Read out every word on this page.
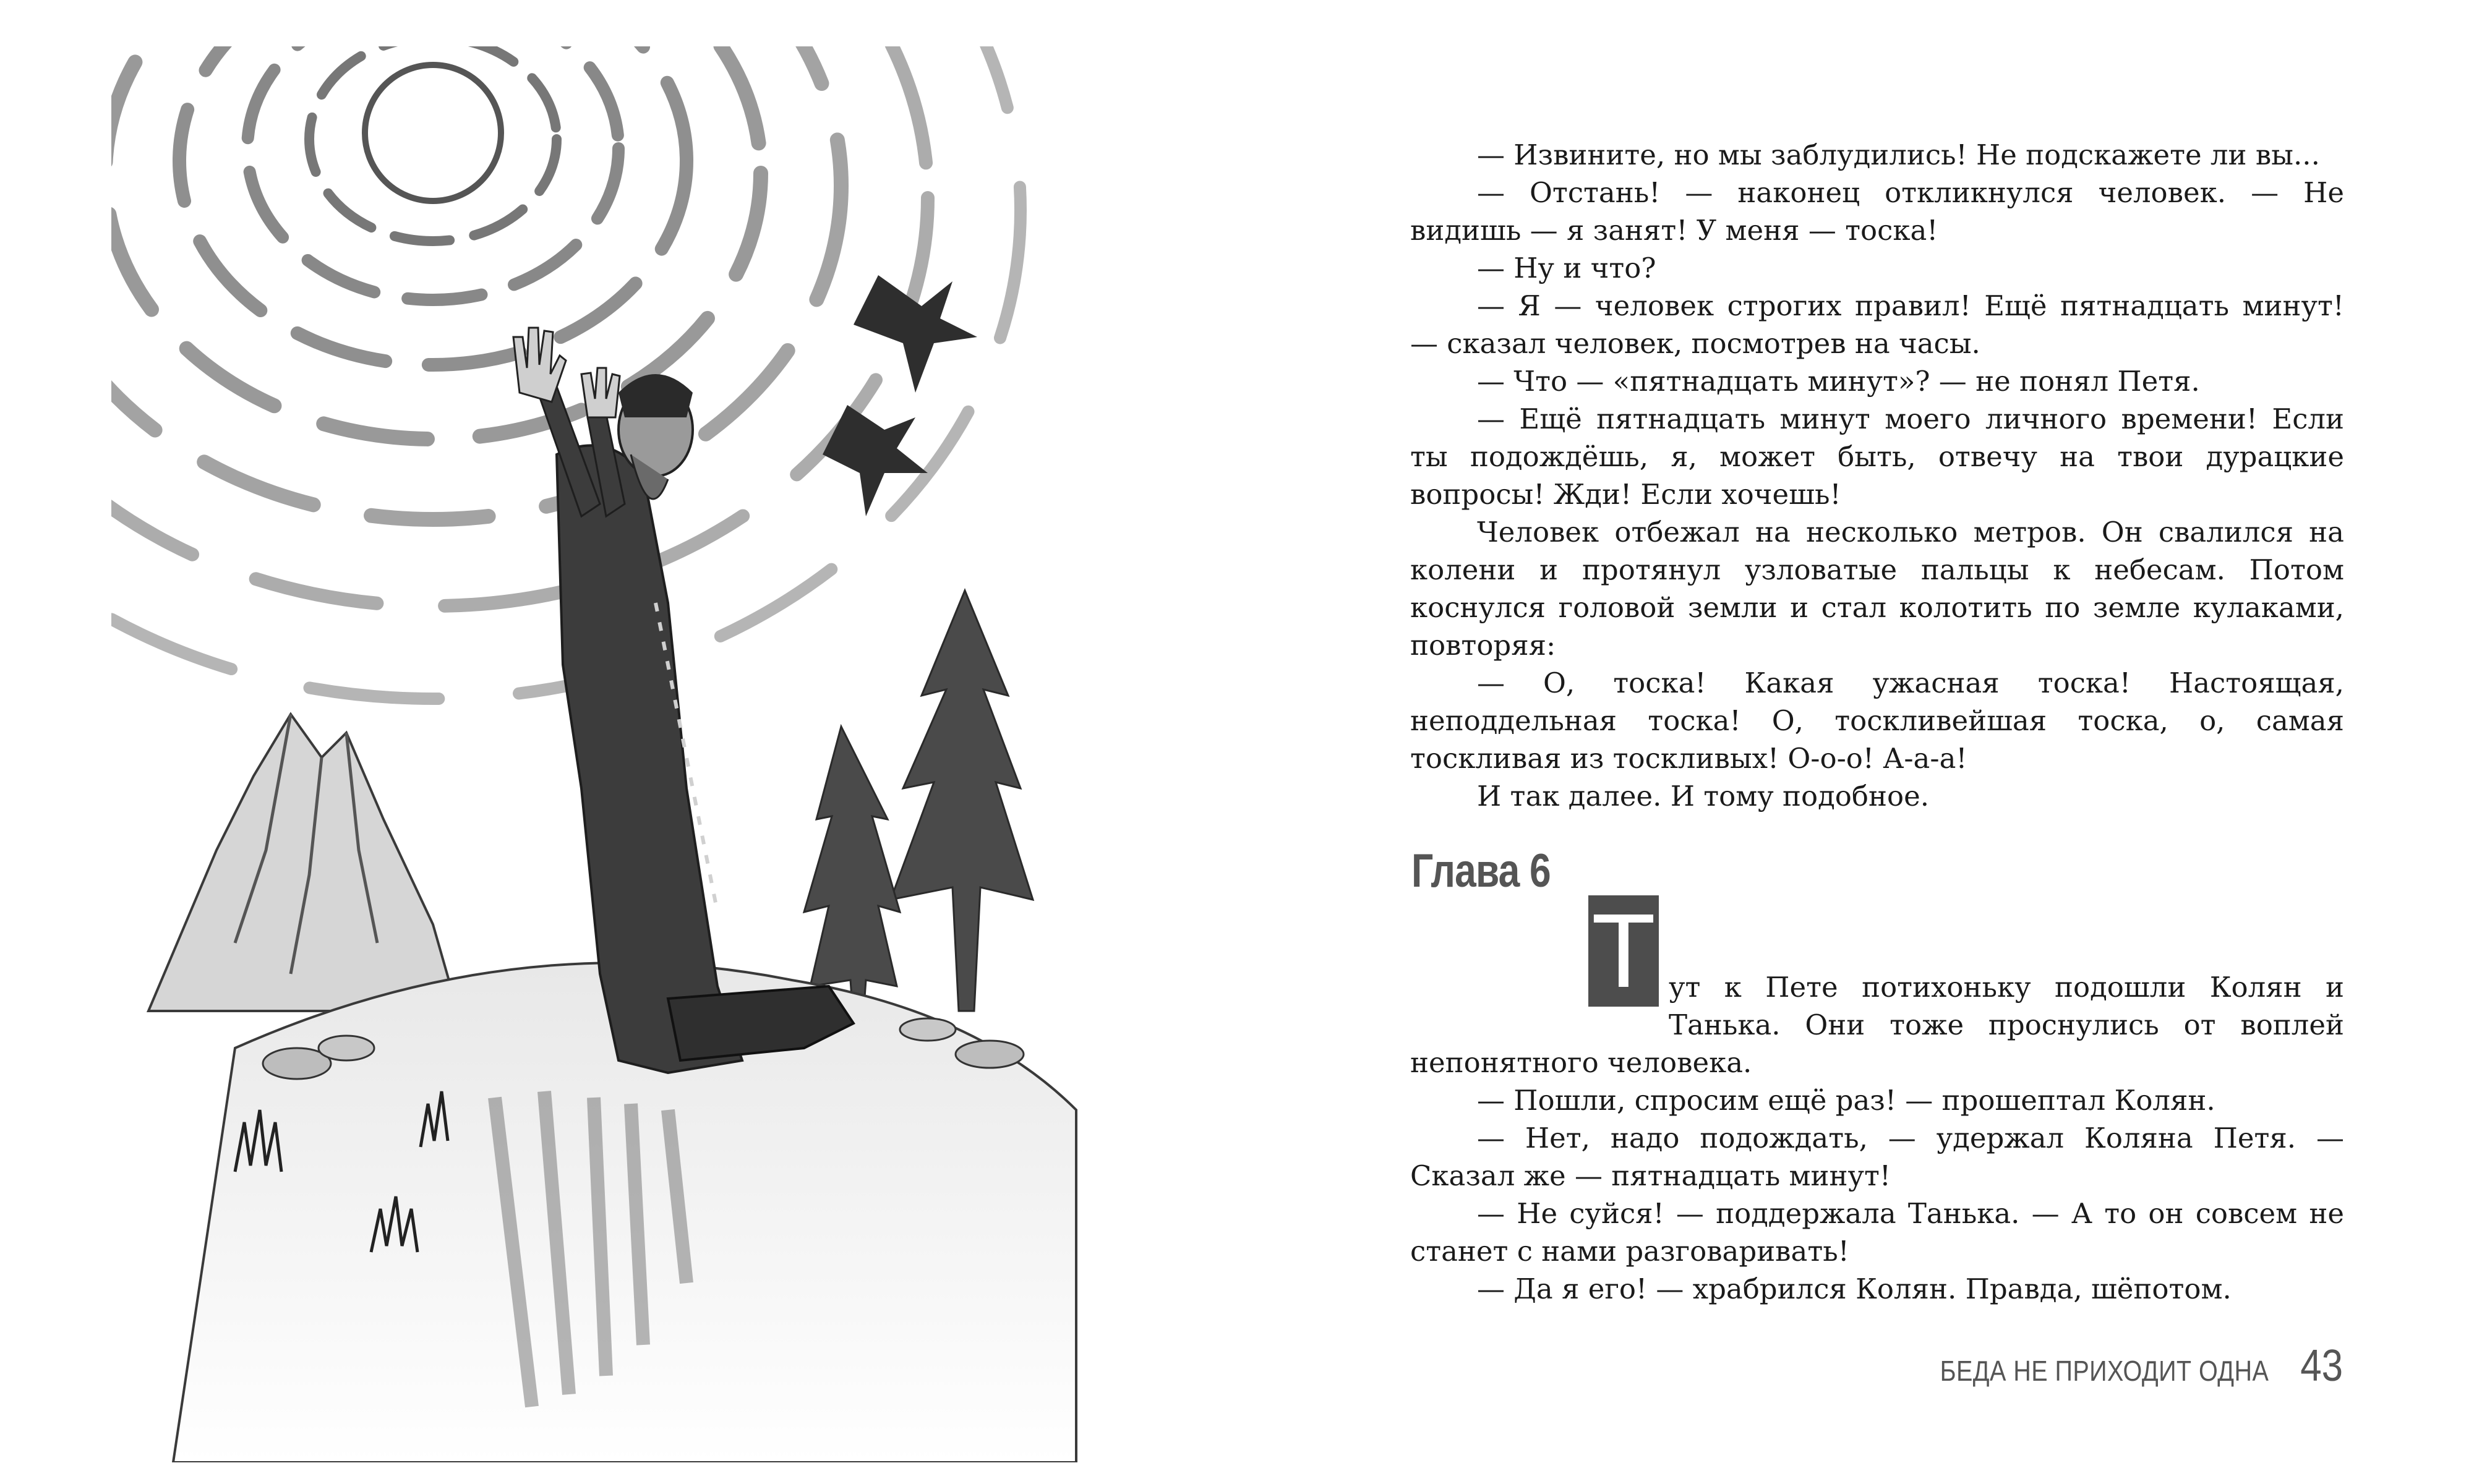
— Извините, но мы заблудились! Не подскажете ли вы...

— Отстань! — наконец откликнулся человек. — Не видишь — я занят! У меня — тоска!

— Ну и что?

— Я — человек строгих правил! Ещё пятнадцать минут! — сказал человек, посмотрев на часы.

— Что — «пятнадцать минут»? — не понял Петя.

— Ещё пятнадцать минут моего личного времени! Если ты подождёшь, я, может быть, отвечу на твои дурацкие вопросы! Жди! Если хочешь!

Человек отбежал на несколько метров. Он свалился на колени и протянул узловатые пальцы к небесам. Потом коснулся головой земли и стал колотить по земле кулаками, повторяя:

— О, тоска! Какая ужасная тоска! Настоящая, неподдельная тоска! О, тоскливейшая тоска, о, самая тоскливая из тоскливых! О-о-о! А-а-а!

И так далее. И тому подобное.

Глава 6
Т ут к Пете потихоньку подошли Колян и Танька. Они тоже проснулись от воплей непонятного человека.

— Пошли, спросим ещё раз! — прошептал Колян.

— Нет, надо подождать, — удержал Коляна Петя. — Сказал же — пятнадцать минут!

— Не суйся! — поддержала Танька. — А то он совсем не станет с нами разговаривать!

— Да я его! — храбрился Колян. Правда, шёпотом.

БЕДА НЕ ПРИХОДИТ ОДНА 43
